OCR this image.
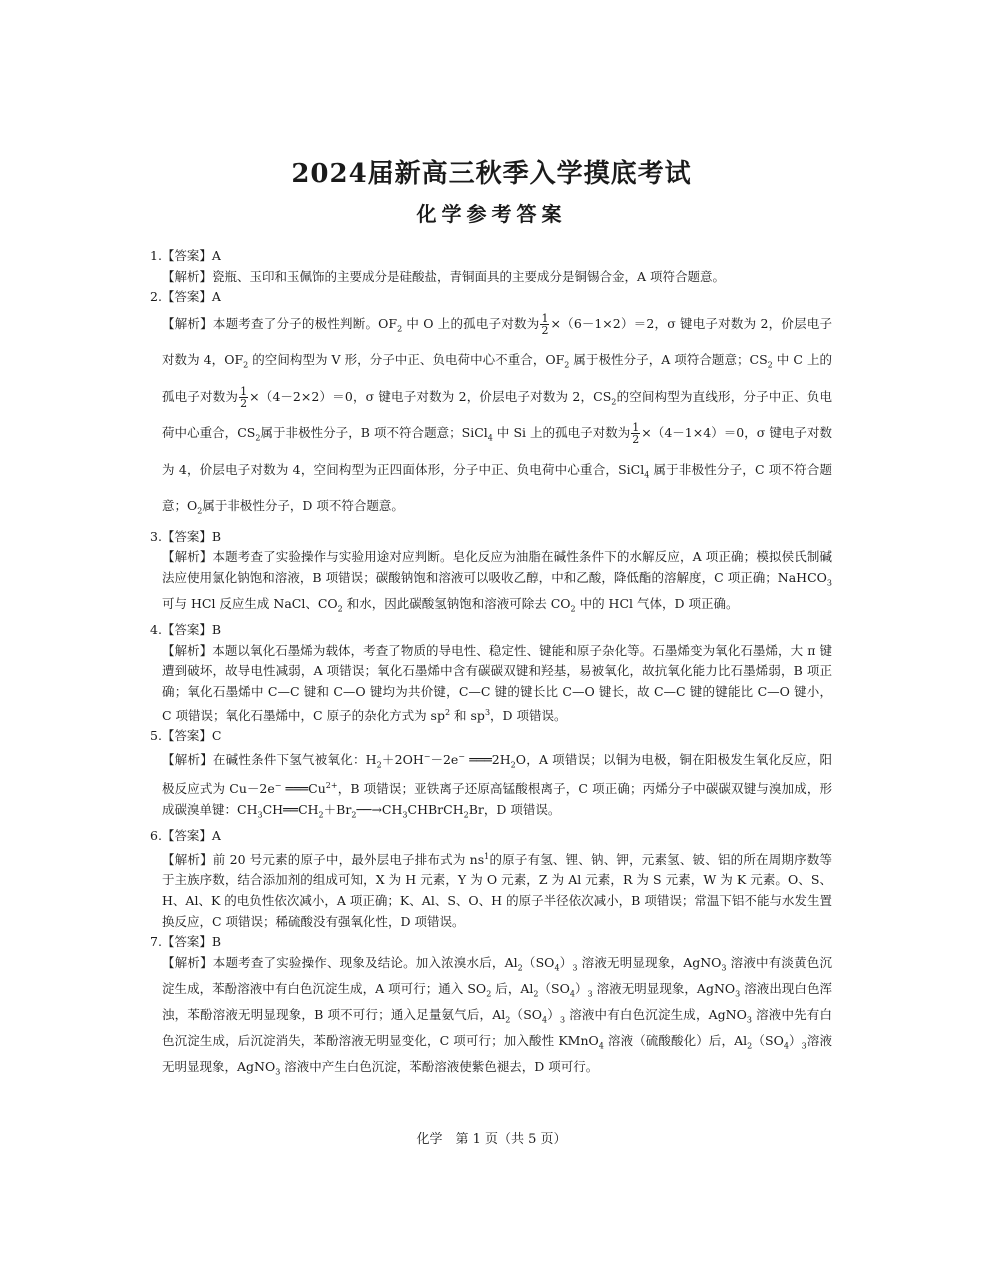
2024届新高三秋季入学摸底考试
化学参考答案

1.【答案】A

【解析】瓷瓶、玉印和玉佩饰的主要成分是硅酸盐，青铜面具的主要成分是铜锡合金，A 项符合题意。

2.【答案】A

【解析】本题考查了分子的极性判断。$OF_2$ 中 O 上的孤电子对数为 $\frac{1}{2} \times(6-1\times 2)=2$，σ 键电子对数为 2，价层电子对数为 4，$OF_2$ 的空间构型为 V 形，分子中正、负电荷中心不重合，$OF_2$ 属于极性分子，A 项符合题意；$CS_2$ 中 C 上的孤电子对数为 $\frac{1}{2} \times(4-2\times 2)=0$，σ 键电子对数为 2，价层电子对数为 2，$CS_2$的空间构型为直线形，分子中正、负电荷中心重合，$CS_2$属于非极性分子，B 项不符合题意；SiCl$_4$ 中 Si 上的孤电子对数为 $\frac{1}{2} \times(4-1\times 4)=0$，σ 键电子对数为 4，价层电子对数为 4，空间构型为正四面体形，分子中正、负电荷中心重合，SiCl$_4$ 属于非极性分子，C 项不符合题意；$O_2$属于非极性分子，D 项不符合题意。

3.【答案】B

【解析】本题考查了实验操作与实验用途对应判断。皂化反应为油脂在碱性条件下的水解反应，A 项正确；模拟侯氏制碱法应使用氯化钠饱和溶液，B 项错误；碳酸钠饱和溶液可以吸收乙醇，中和乙酸，降低酯的溶解度，C 项正确；NaHCO$_3$ 可与 HCl 反应生成 NaCl、$CO_2$ 和水，因此碳酸氢钠饱和溶液可除去 $CO_2$ 中的 HCl 气体，D 项正确。

4.【答案】B

【解析】本题以氧化石墨烯为载体，考查了物质的导电性、稳定性、键能和原子杂化等。石墨烯变为氧化石墨烯，大 π 键遭到破坏，故导电性减弱，A 项错误；氧化石墨烯中含有碳碳双键和羟基，易被氧化，故抗氧化能力比石墨烯弱，B 项正确；氧化石墨烯中 C—C 键和 C—O 键均为共价键，C—C 键的键长比 C—O 键长，故 C—C 键的键能比 C—O 键小，C 项错误；氧化石墨烯中，C 原子的杂化方式为 $sp^2$ 和 $sp^3$，D 项错误。

5.【答案】C

【解析】在碱性条件下氢气被氧化：$H_2+2OH^--2e^-$ $═══2H_2O$，A 项错误；以铜为电极，铜在阳极发生氧化反应，阳极反应式为 Cu－2e− $═══Cu^{2+}$，B 项错误；亚铁离子还原高锰酸根离子，C 项正确；丙烯分子中碳碳双键与溴加成，形成碳溴单键：$CH_3CH══CH_2+Br_2──\to CH_3CHBrCH_2Br$，D 项错误。

6.【答案】A

【解析】前 20 号元素的原子中，最外层电子排布式为 $ns^1$的原子有氢、锂、钠、钾，元素氢、铍、铝的所在周期序数等于主族序数，结合添加剂的组成可知，X 为 H 元素，Y 为 O 元素，Z 为 Al 元素，R 为 S 元素，W 为 K 元素。O、S、H、Al、K 的电负性依次减小，A 项正确；K、Al、S、O、H 的原子半径依次减小，B 项错误；常温下铝不能与水发生置换反应，C 项错误；稀硫酸没有强氧化性，D 项错误。

7.【答案】B

【解析】本题考查了实验操作、现象及结论。加入浓溴水后，$Al_2(SO_4)_3$ 溶液无明显现象，AgNO$_3$ 溶液中有淡黄色沉淀生成，苯酚溶液中有白色沉淀生成，A 项可行；通入 $SO_2$ 后，$Al_2(SO_4)_3$ 溶液无明显现象，AgNO$_3$ 溶液出现白色浑浊，苯酚溶液无明显现象，B 项不可行；通入足量氨气后，$Al_2(SO_4)_3$ 溶液中有白色沉淀生成，AgNO$_3$ 溶液中先有白色沉淀生成，后沉淀消失，苯酚溶液无明显变化，C 项可行；加入酸性 KMnO$_4$ 溶液（硫酸酸化）后，$Al_2(SO_4)_3$溶液无明显现象，AgNO$_3$ 溶液中产生白色沉淀，苯酚溶液使紫色褪去，D 项可行。

化学　第 1 页（共 5 页）
